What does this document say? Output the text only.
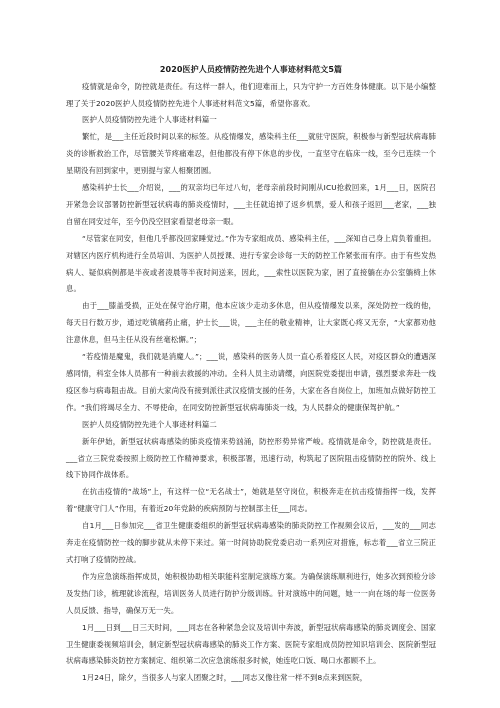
2020医护人员疫情防控先进个人事迹材料范文5篇

疫情就是命令，防控就是责任。有这样一群人，他们迎难而上，只为守护一方百姓身体健康。以下是小编整理了关于2020医护人员疫情防控先进个人事迹材料范文5篇，希望你喜欢。

医护人员疫情防控先进个人事迹材料篇一

繁忙，是___主任近段时间以来的标签。从疫情爆发，感染科主任___就驻守医院，积极参与新型冠状病毒肺炎的诊断救治工作，尽管腰关节疼痛难忍，但他都没有停下休息的步伐，一直坚守在临床一线，至今已连续一个星期没有回到家中，更别提与家人相聚团圆。

感染科护士长___介绍说，___的双亲均已年过八旬，老母亲前段时间刚从ICU抢救回来，1月___日，医院召开紧急会议部署防控新型冠状病毒的肺炎疫情时，___主任就追掉了返乡机票，爱人和孩子返回___老家，___独自留在同安过年，至今仍没空回家看望老母亲一眼。

“尽管家在同安，但他几乎都没回家睡觉过。”作为专家组成员、感染科主任，___深知自己身上肩负着重担。对辖区内医疗机构进行全员培训、为医护人员授课、进行专家会诊每一天的防控工作紧张而有序。由于有些发热病人、疑似病例都是半夜或者凌晨等半夜时间送来，因此，___索性以医院为家，困了直接躺在办公室躺椅上休息。

由于___膝盖受损，正处在保守治疗期，他本应该少走动多休息，但从疫情爆发以来，深处防控一线的他，每天日行数万步，通过吃镇痛药止痛，护士长___说，___主任的敬业精神，让大家既心疼又无奈，“大家都劝他注意休息，但马主任从没有丝毫松懈。”；

“若疫情是魔鬼，我们就是消魔人。”；___说，感染科的医务人员一直心系着疫区人民，对疫区群众的遭遇深感同情，科室全体人员都有一种前去救援的冲动。全科人员主动请缨，向医院党委提出申请，强烈要求奔赴一线疫区参与病毒阻击战。目前大家尚没有接到派往武汉疫情支援的任务，大家在各自岗位上，加班加点做好防控工作。“我们将竭尽全力、不辱使命，在同安防控新型冠状病毒肺炎一线，为人民群众的健康保驾护航。”

医护人员疫情防控先进个人事迹材料篇二

新年伊始，新型冠状病毒感染的肺炎疫情来势汹涌，防控形势异常严峻。疫情就是命令，防控就是责任。___省立三院党委按照上级防控工作精神要求，积极部署，迅速行动，构筑起了医院阻击疫情防控的院外、线上线下协同作战体系。

在抗击疫情的“战场”上，有这样一位“无名战士”，她就是坚守岗位，积极奔走在抗击疫情指挥一线，发挥着“健康守门人”作用，有着近20年党龄的疾病预防与控制部主任___同志。

自1月___日参加完___省卫生健康委组织的新型冠状病毒感染的肺炎防控工作视频会议后，___发的___同志奔走在疫情防控一线的脚步就从未停下来过。第一时间协助院党委启动一系列应对措施，标志着___省立三院正式打响了疫情防控战。

作为应急演练指挥成员，她积极协助相关职能科室制定演练方案。为确保演练顺利进行，她多次到预检分诊及发热门诊，梳理就诊流程，培训医务人员进行防护分级训练。针对演练中的问题，她一一向在场的每一位医务人员反馈、指导，确保万无一失。

1月___日到___日三天时间，___同志在各种紧急会议及培训中奔波，新型冠状病毒感染的肺炎调度会、国家卫生健康委视频培训会，制定新型冠状病毒感染的肺炎工作方案、医院专家组成员防控知识培训会、医院新型冠状病毒感染肺炎防控方案制定、组织第二次应急演练很多时候，她连吃口饭、喝口水都顾不上。

1月24日，除夕，当很多人与家人团聚之时，___同志又像往常一样不到8点来到医院，
